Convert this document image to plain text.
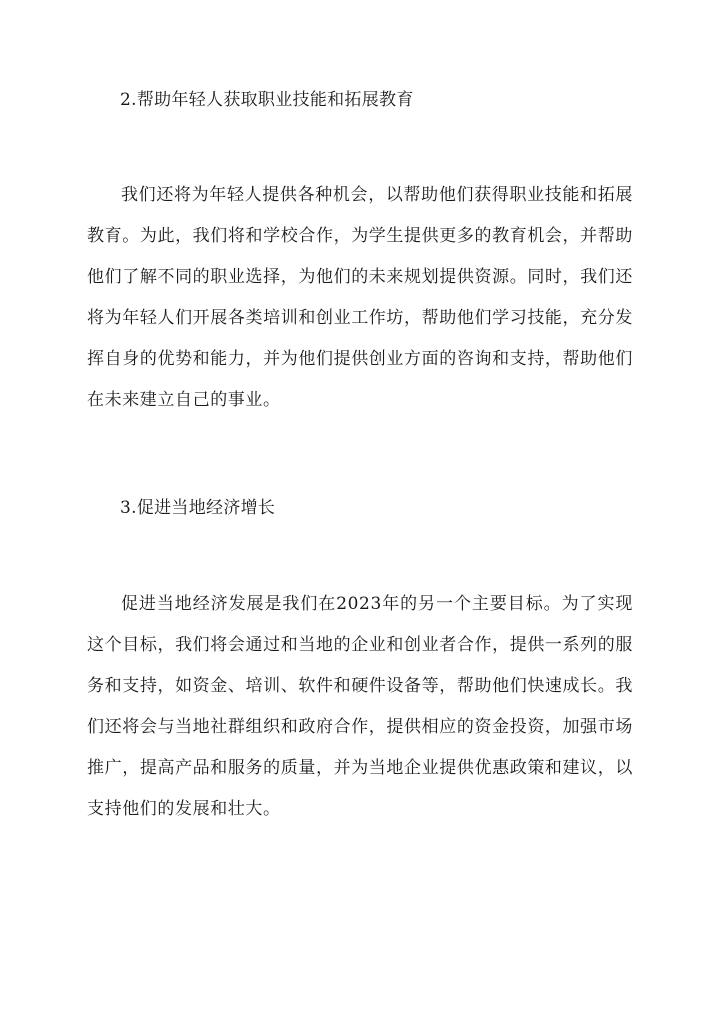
2.帮助年轻人获取职业技能和拓展教育

我们还将为年轻人提供各种机会，以帮助他们获得职业技能和拓展教育。为此，我们将和学校合作，为学生提供更多的教育机会，并帮助他们了解不同的职业选择，为他们的未来规划提供资源。同时，我们还将为年轻人们开展各类培训和创业工作坊，帮助他们学习技能，充分发挥自身的优势和能力，并为他们提供创业方面的咨询和支持，帮助他们在未来建立自己的事业。

3.促进当地经济增长

促进当地经济发展是我们在2023年的另一个主要目标。为了实现这个目标，我们将会通过和当地的企业和创业者合作，提供一系列的服务和支持，如资金、培训、软件和硬件设备等，帮助他们快速成长。我们还将会与当地社群组织和政府合作，提供相应的资金投资，加强市场推广，提高产品和服务的质量，并为当地企业提供优惠政策和建议，以支持他们的发展和壮大。
